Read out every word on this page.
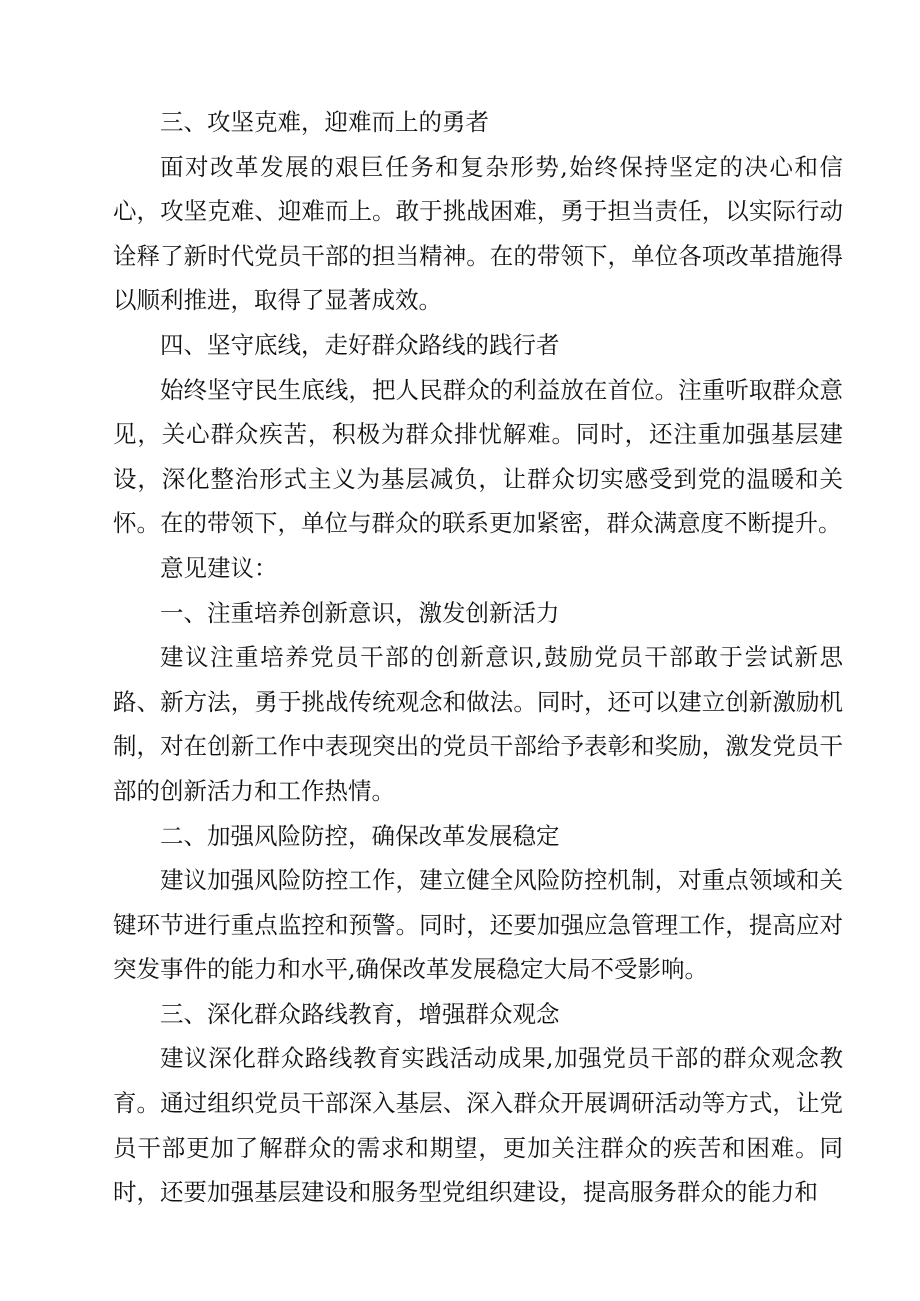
三、攻坚克难，迎难而上的勇者

面对改革发展的艰巨任务和复杂形势,始终保持坚定的决心和信心，攻坚克难、迎难而上。敢于挑战困难，勇于担当责任，以实际行动诠释了新时代党员干部的担当精神。在的带领下，单位各项改革措施得以顺利推进，取得了显著成效。

四、坚守底线，走好群众路线的践行者

始终坚守民生底线，把人民群众的利益放在首位。注重听取群众意见，关心群众疾苦，积极为群众排忧解难。同时，还注重加强基层建设，深化整治形式主义为基层减负，让群众切实感受到党的温暖和关怀。在的带领下，单位与群众的联系更加紧密，群众满意度不断提升。

意见建议：

一、注重培养创新意识，激发创新活力

建议注重培养党员干部的创新意识,鼓励党员干部敢于尝试新思路、新方法，勇于挑战传统观念和做法。同时，还可以建立创新激励机制，对在创新工作中表现突出的党员干部给予表彰和奖励，激发党员干部的创新活力和工作热情。

二、加强风险防控，确保改革发展稳定

建议加强风险防控工作，建立健全风险防控机制，对重点领域和关键环节进行重点监控和预警。同时，还要加强应急管理工作，提高应对突发事件的能力和水平,确保改革发展稳定大局不受影响。

三、深化群众路线教育，增强群众观念

建议深化群众路线教育实践活动成果,加强党员干部的群众观念教育。通过组织党员干部深入基层、深入群众开展调研活动等方式，让党员干部更加了解群众的需求和期望，更加关注群众的疾苦和困难。同时，还要加强基层建设和服务型党组织建设，提高服务群众的能力和
